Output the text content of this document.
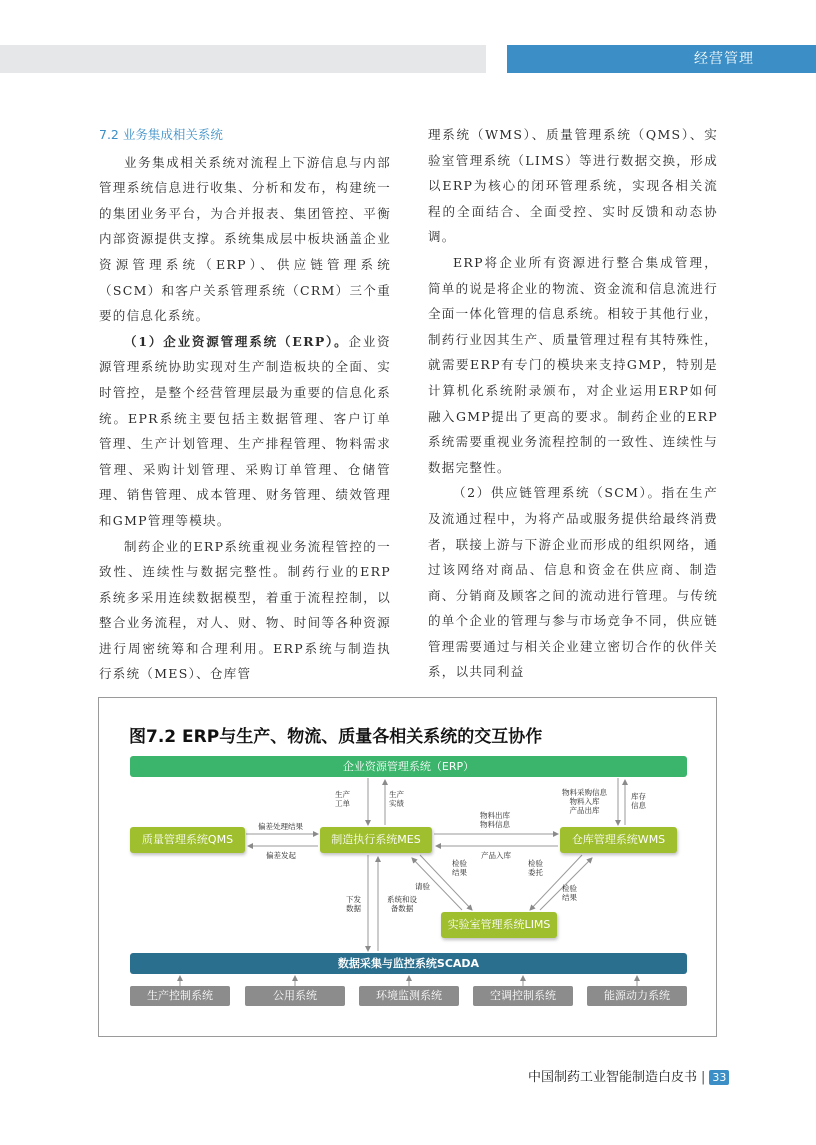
经营管理

7.2 业务集成相关系统

业务集成相关系统对流程上下游信息与内部管理系统信息进行收集、分析和发布，构建统一的集团业务平台，为合并报表、集团管控、平衡内部资源提供支撑。系统集成层中板块涵盖企业资源管理系统（ERP）、供应链管理系统（SCM）和客户关系管理系统（CRM）三个重要的信息化系统。

（1）企业资源管理系统（ERP）。企业资源管理系统协助实现对生产制造板块的全面、实时管控，是整个经营管理层最为重要的信息化系统。EPR系统主要包括主数据管理、客户订单管理、生产计划管理、生产排程管理、物料需求管理、采购计划管理、采购订单管理、仓储管理、销售管理、成本管理、财务管理、绩效管理和GMP管理等模块。

制药企业的ERP系统重视业务流程管控的一致性、连续性与数据完整性。制药行业的ERP系统多采用连续数据模型，着重于流程控制，以整合业务流程，对人、财、物、时间等各种资源进行周密统筹和合理利用。ERP系统与制造执行系统（MES）、仓库管

理系统（WMS）、质量管理系统（QMS）、实验室管理系统（LIMS）等进行数据交换，形成以ERP为核心的闭环管理系统，实现各相关流程的全面结合、全面受控、实时反馈和动态协调。

ERP将企业所有资源进行整合集成管理，简单的说是将企业的物流、资金流和信息流进行全面一体化管理的信息系统。相较于其他行业，制药行业因其生产、质量管理过程有其特殊性，就需要ERP有专门的模块来支持GMP，特别是计算机化系统附录颁布，对企业运用ERP如何融入GMP提出了更高的要求。制药企业的ERP系统需要重视业务流程控制的一致性、连续性与数据完整性。

（2）供应链管理系统（SCM）。指在生产及流通过程中，为将产品或服务提供给最终消费者，联接上游与下游企业而形成的组织网络，通过该网络对商品、信息和资金在供应商、制造商、分销商及顾客之间的流动进行管理。与传统的单个企业的管理与参与市场竞争不同，供应链管理需要通过与相关企业建立密切合作的伙伴关系，以共同利益

图7.2 ERP与生产、物流、质量各相关系统的交互协作
企业资源管理系统（ERP）
质量管理系统QMS	制造执行系统MES	仓库管理系统WMS
实验室管理系统LIMS
数据采集与监控系统SCADA
生产控制系统	公用系统	环境监测系统	空调控制系统	能源动力系统
生产
工单
生产
实绩
物料采购信息
物料入库
产品出库
库存
信息
偏差处理结果
偏差发起
物料出库
物料信息
产品入库
检验
结果
检验
委托
检验
结果
请验
下发
数据
系统和设
备数据
中国制药工业智能制造白皮书 | 33
